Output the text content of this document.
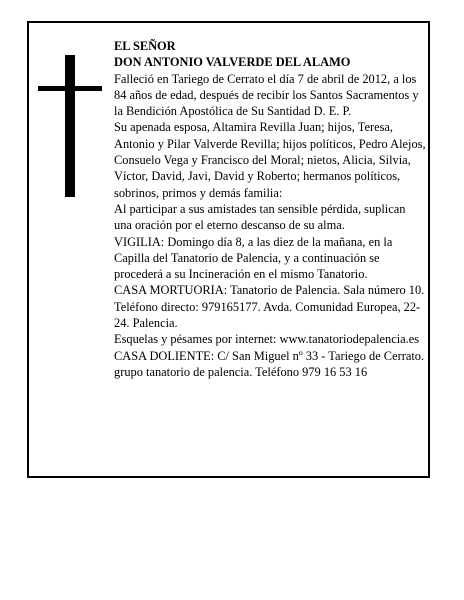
EL SEÑOR

DON ANTONIO VALVERDE DEL ALAMO

Falleció en Tariego de Cerrato el día 7 de abril de 2012, a los 84 años de edad, después de recibir los Santos Sacramentos y la Bendición Apostólica de Su Santidad D. E. P.

Su apenada esposa, Altamira Revilla Juan; hijos, Teresa, Antonio y Pilar Valverde Revilla; hijos políticos, Pedro Alejos, Consuelo Vega y Francisco del Moral; nietos, Alicia, Silvia, Víctor, David, Javi, David y Roberto; hermanos políticos, sobrinos, primos y demás familia:

Al participar a sus amistades tan sensible pérdida, suplican una oración por el eterno descanso de su alma.

VIGILIA: Domingo día 8, a las diez de la mañana, en la Capilla del Tanatorio de Palencia, y a continuación se procederá a su Incineración en el mismo Tanatorio.

CASA MORTUORIA: Tanatorio de Palencia. Sala número 10. Teléfono directo: 979165177. Avda. Comunidad Europea, 22-24. Palencia.

Esquelas y pésames por internet: www.tanatoriodepalencia.es

CASA DOLIENTE: C/ San Miguel nº 33 - Tariego de Cerrato.

grupo tanatorio de palencia. Teléfono 979 16 53 16
